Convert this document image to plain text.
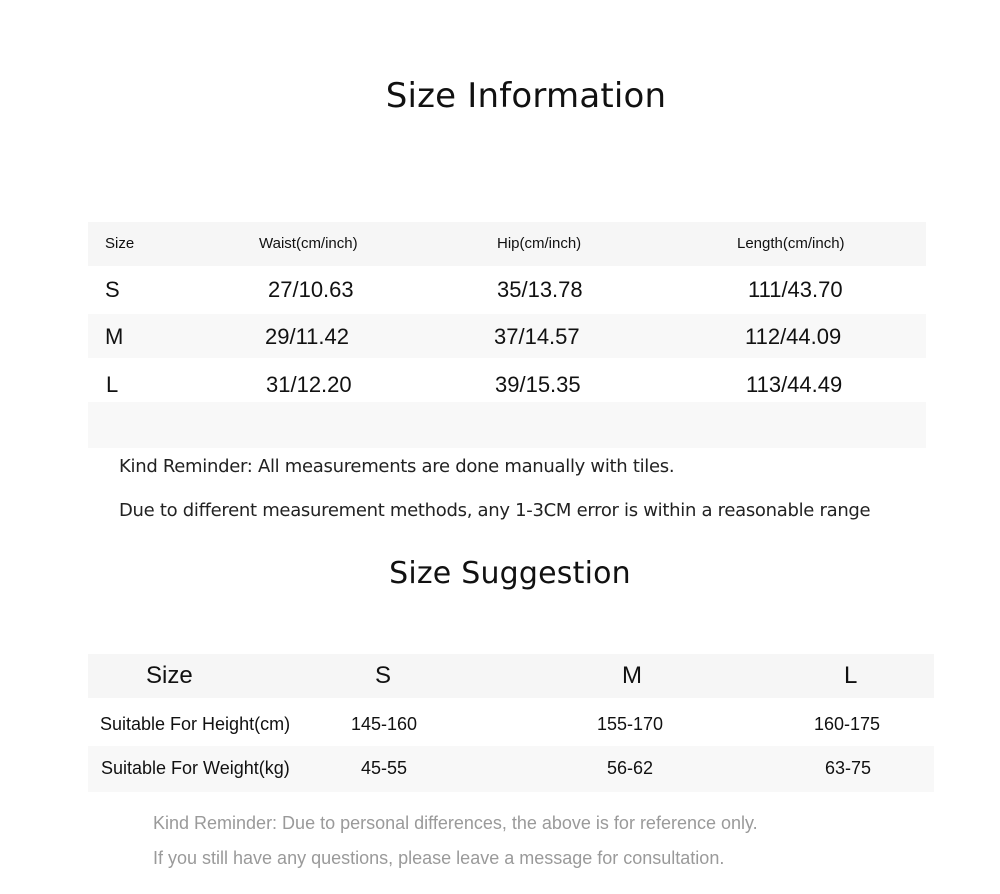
Size Information
Size	Waist(cm/inch)	Hip(cm/inch)	Length(cm/inch)
S	27/10.63	35/13.78	111/43.70
M	29/11.42	37/14.57	112/44.09
L	31/12.20	39/15.35	113/44.49
Kind Reminder: All measurements are done manually with tiles.
Due to different measurement methods, any 1-3CM error is within a reasonable range
Size Suggestion
Size	S	M	L
Suitable For Height(cm)	145-160	155-170	160-175
Suitable For Weight(kg)	45-55	56-62	63-75
Kind Reminder: Due to personal differences, the above is for reference only.
If you still have any questions, please leave a message for consultation.
